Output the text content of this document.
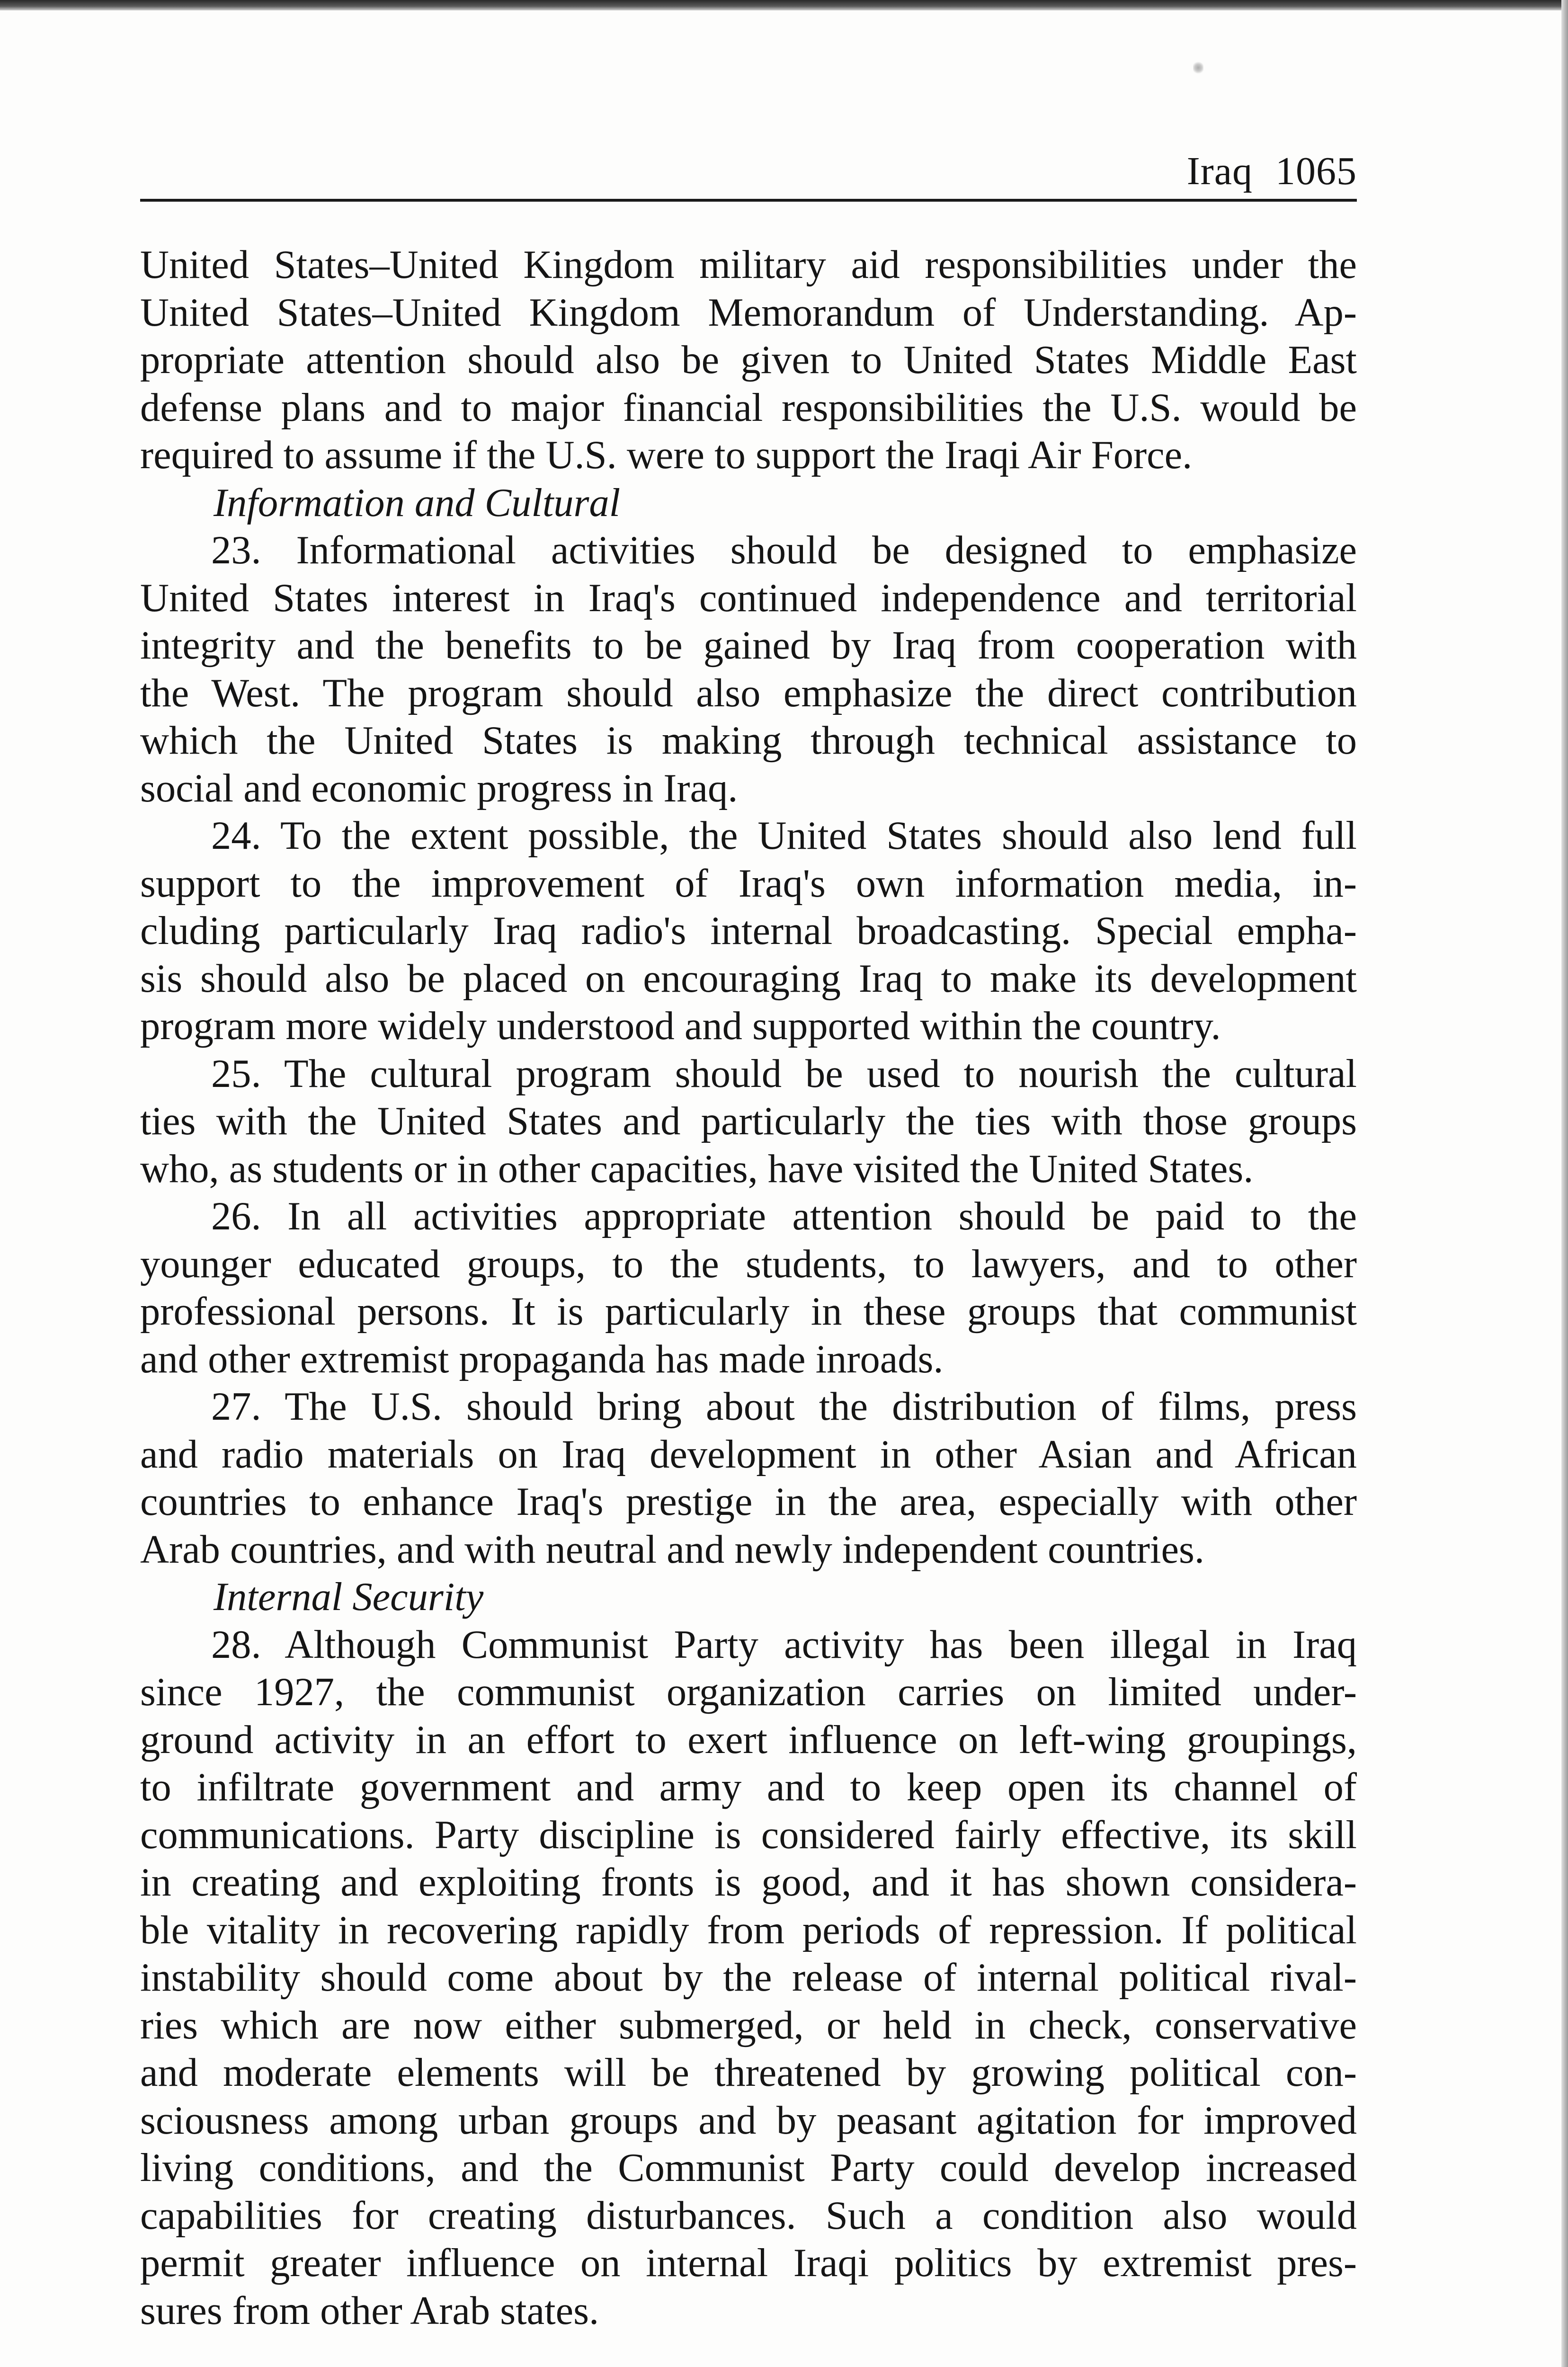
Iraq 1065
United States–United Kingdom military aid responsibilities under the
United States–United Kingdom Memorandum of Understanding. Ap-
propriate attention should also be given to United States Middle East
defense plans and to major financial responsibilities the U.S. would be
required to assume if the U.S. were to support the Iraqi Air Force.
Information and Cultural
23. Informational activities should be designed to emphasize
United States interest in Iraq's continued independence and territorial
integrity and the benefits to be gained by Iraq from cooperation with
the West. The program should also emphasize the direct contribution
which the United States is making through technical assistance to
social and economic progress in Iraq.
24. To the extent possible, the United States should also lend full
support to the improvement of Iraq's own information media, in-
cluding particularly Iraq radio's internal broadcasting. Special empha-
sis should also be placed on encouraging Iraq to make its development
program more widely understood and supported within the country.
25. The cultural program should be used to nourish the cultural
ties with the United States and particularly the ties with those groups
who, as students or in other capacities, have visited the United States.
26. In all activities appropriate attention should be paid to the
younger educated groups, to the students, to lawyers, and to other
professional persons. It is particularly in these groups that communist
and other extremist propaganda has made inroads.
27. The U.S. should bring about the distribution of films, press
and radio materials on Iraq development in other Asian and African
countries to enhance Iraq's prestige in the area, especially with other
Arab countries, and with neutral and newly independent countries.
Internal Security
28. Although Communist Party activity has been illegal in Iraq
since 1927, the communist organization carries on limited under-
ground activity in an effort to exert influence on left-wing groupings,
to infiltrate government and army and to keep open its channel of
communications. Party discipline is considered fairly effective, its skill
in creating and exploiting fronts is good, and it has shown considera-
ble vitality in recovering rapidly from periods of repression. If political
instability should come about by the release of internal political rival-
ries which are now either submerged, or held in check, conservative
and moderate elements will be threatened by growing political con-
sciousness among urban groups and by peasant agitation for improved
living conditions, and the Communist Party could develop increased
capabilities for creating disturbances. Such a condition also would
permit greater influence on internal Iraqi politics by extremist pres-
sures from other Arab states.
